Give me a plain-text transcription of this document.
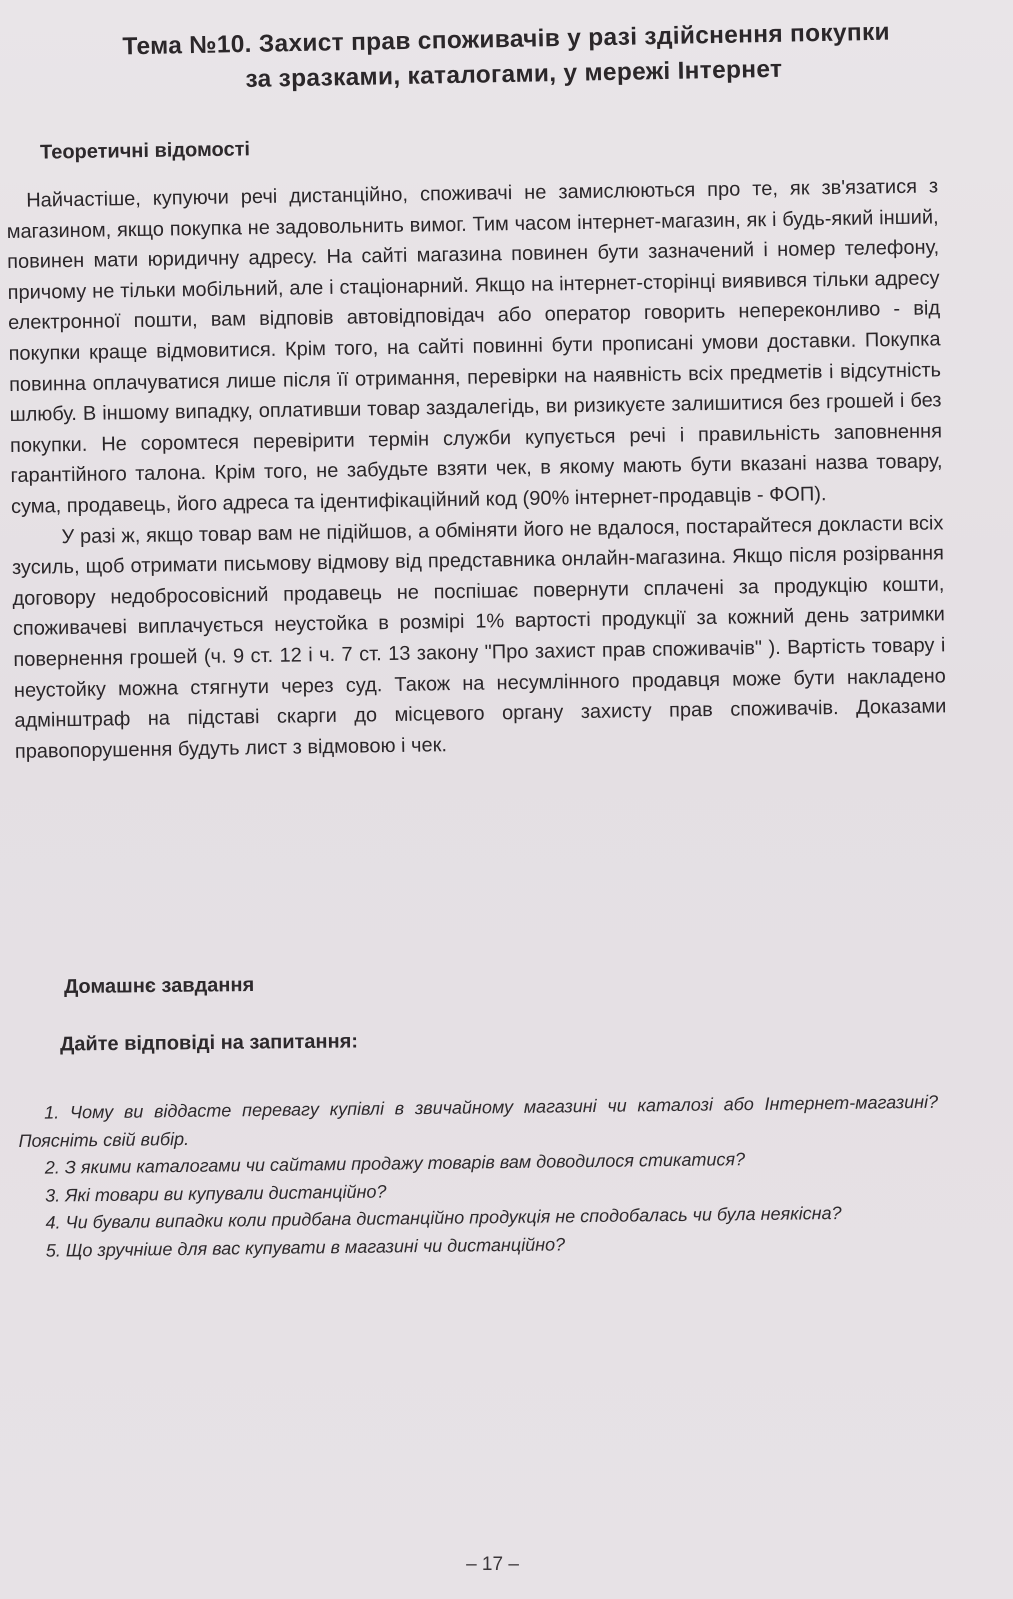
Тема №10. Захист прав споживачів у разі здійснення покупки
за зразками, каталогами, у мережі Інтернет
Теоретичні відомості

Найчастіше, купуючи речі дистанційно, споживачі не замислюються про те, як зв'язатися з магазином, якщо покупка не задовольнить вимог. Тим часом інтернет-магазин, як і будь-який інший, повинен мати юридичну адресу. На сайті магазина повинен бути зазначений і номер телефону, причому не тільки мобільний, але і стаціонарний. Якщо на інтернет-сторінці виявився тільки адресу електронної пошти, вам відповів автовідповідач або оператор говорить непереконливо - від покупки краще відмовитися. Крім того, на сайті повинні бути прописані умови доставки. Покупка повинна оплачуватися лише після її отримання, перевірки на наявність всіх предметів і відсутність шлюбу. В іншому випадку, оплативши товар заздалегідь, ви ризикуєте залишитися без грошей і без покупки. Не соромтеся перевірити термін служби купується речі і правильність заповнення гарантійного талона. Крім того, не забудьте взяти чек, в якому мають бути вказані назва товару, сума, продавець, його адреса та ідентифікаційний код (90% інтернет-продавців - ФОП).

У разі ж, якщо товар вам не підійшов, а обміняти його не вдалося, постарайтеся докласти всіх зусиль, щоб отримати письмову відмову від представника онлайн-магазина. Якщо після розірвання договору недобросовісний продавець не поспішає повернути сплачені за продукцію кошти, споживачеві виплачується неустойка в розмірі 1% вартості продукції за кожний день затримки повернення грошей (ч. 9 ст. 12 і ч. 7 ст. 13 закону "Про захист прав споживачів" ). Вартість товару і неустойку можна стягнути через суд. Також на несумлінного продавця може бути накладено адмінштраф на підставі скарги до місцевого органу захисту прав споживачів. Доказами правопорушення будуть лист з відмовою і чек.

Домашнє завдання
Дайте відповіді на запитання:
1. Чому ви віддасте перевагу купівлі в звичайному магазині чи каталозі або Інтернет-магазині? Поясніть свій вибір.
2. З якими каталогами чи сайтами продажу товарів вам доводилося стикатися?
3. Які товари ви купували дистанційно?
4. Чи бували випадки коли придбана дистанційно продукція не сподобалась чи була неякісна?
5. Що зручніше для вас купувати в магазині чи дистанційно?
– 17 –
